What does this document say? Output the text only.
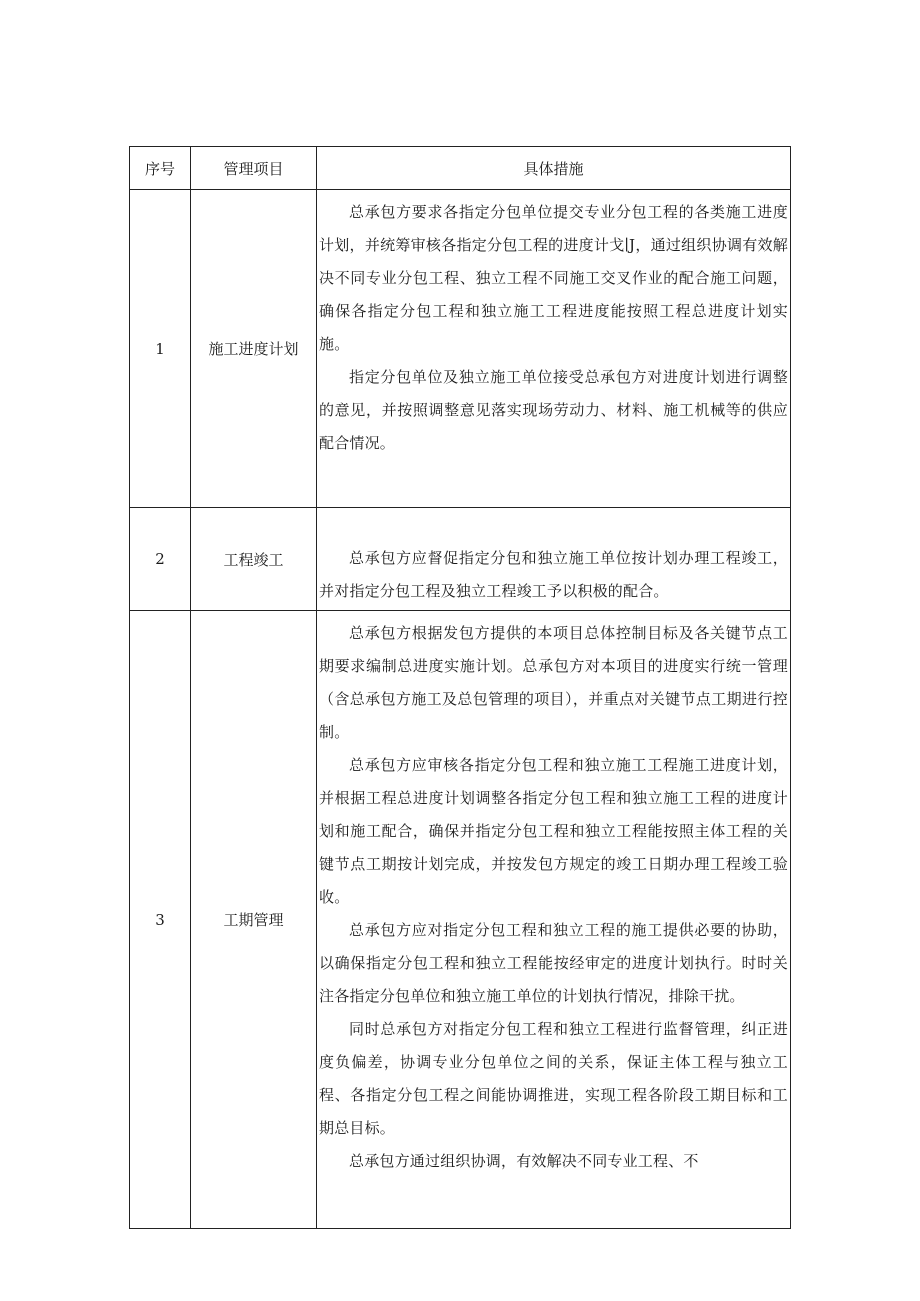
序号	管理项目	具体措施
1	施工进度计划	总承包方要求各指定分包单位提交专业分包工程的各类施工进度计划，并统筹审核各指定分包工程的进度计戈∣J，通过组织协调有效解决不同专业分包工程、独立工程不同施工交叉作业的配合施工问题，确保各指定分包工程和独立施工工程进度能按照工程总进度计划实施。

指定分包单位及独立施工单位接受总承包方对进度计划进行调整的意见，并按照调整意见落实现场劳动力、材料、施工机械等的供应配合情况。

2	工程竣工	总承包方应督促指定分包和独立施工单位按计划办理工程竣工，并对指定分包工程及独立工程竣工予以积极的配合。

3	工期管理	总承包方根据发包方提供的本项目总体控制目标及各关键节点工期要求编制总进度实施计划。总承包方对本项目的进度实行统一管理（含总承包方施工及总包管理的项目），并重点对关键节点工期进行控制。

总承包方应审核各指定分包工程和独立施工工程施工进度计划，并根据工程总进度计划调整各指定分包工程和独立施工工程的进度计划和施工配合，确保并指定分包工程和独立工程能按照主体工程的关键节点工期按计划完成，并按发包方规定的竣工日期办理工程竣工验收。

总承包方应对指定分包工程和独立工程的施工提供必要的协助，以确保指定分包工程和独立工程能按经审定的进度计划执行。时时关注各指定分包单位和独立施工单位的计划执行情况，排除干扰。

同时总承包方对指定分包工程和独立工程进行监督管理，纠正进度负偏差，协调专业分包单位之间的关系，保证主体工程与独立工程、各指定分包工程之间能协调推进，实现工程各阶段工期目标和工期总目标。

总承包方通过组织协调，有效解决不同专业工程、不
